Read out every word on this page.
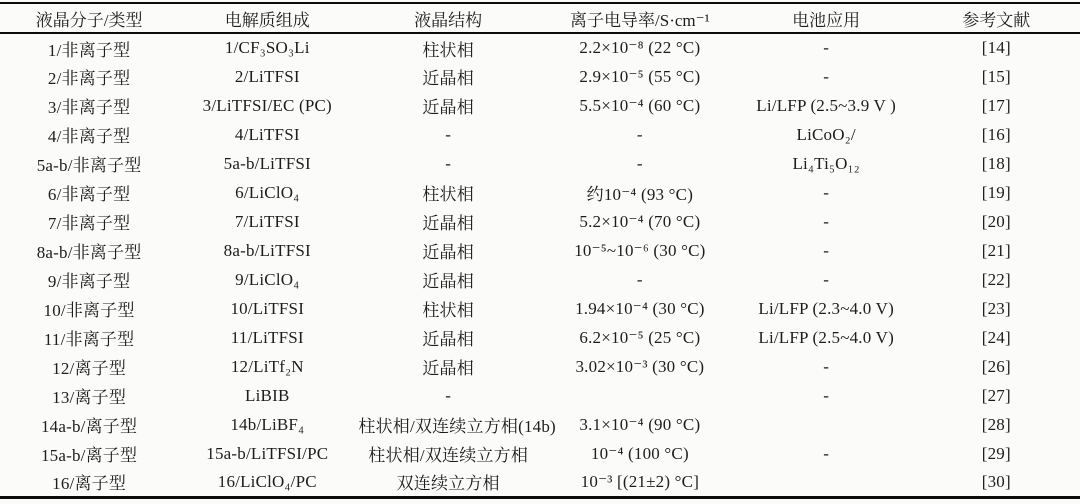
液晶分子/类型	电解质组成	液晶结构	离子电导率/S·cm⁻¹	电池应用	参考文献
1/非离子型	1/CF₃SO₃Li	柱状相	2.2×10⁻⁸ (22 °C)	-	[14]
2/非离子型	2/LiTFSI	近晶相	2.9×10⁻⁵ (55 °C)	-	[15]
3/非离子型	3/LiTFSI/EC (PC)	近晶相	5.5×10⁻⁴ (60 °C)	Li/LFP (2.5~3.9 V )	[17]
4/非离子型	4/LiTFSI	-	-	LiCoO₂/	[16]
5a-b/非离子型	5a-b/LiTFSI	-	-	Li₄Ti₅O₁₂	[18]
6/非离子型	6/LiClO₄	柱状相	约10⁻⁴ (93 °C)	-	[19]
7/非离子型	7/LiTFSI	近晶相	5.2×10⁻⁴ (70 °C)	-	[20]
8a-b/非离子型	8a-b/LiTFSI	近晶相	10⁻⁵~10⁻⁶ (30 °C)	-	[21]
9/非离子型	9/LiClO₄	近晶相	-	-	[22]
10/非离子型	10/LiTFSI	柱状相	1.94×10⁻⁴ (30 °C)	Li/LFP (2.3~4.0 V)	[23]
11/非离子型	11/LiTFSI	近晶相	6.2×10⁻⁵ (25 °C)	Li/LFP (2.5~4.0 V)	[24]
12/离子型	12/LiTf₂N	近晶相	3.02×10⁻³ (30 °C)	-	[26]
13/离子型	LiBIB	-		-	[27]
14a-b/离子型	14b/LiBF₄	柱状相/双连续立方相(14b)	3.1×10⁻⁴ (90 °C)		[28]
15a-b/离子型	15a-b/LiTFSI/PC	柱状相/双连续立方相	10⁻⁴ (100 °C)	-	[29]
16/离子型	16/LiClO₄/PC	双连续立方相	10⁻³ [(21±2) °C]		[30]
